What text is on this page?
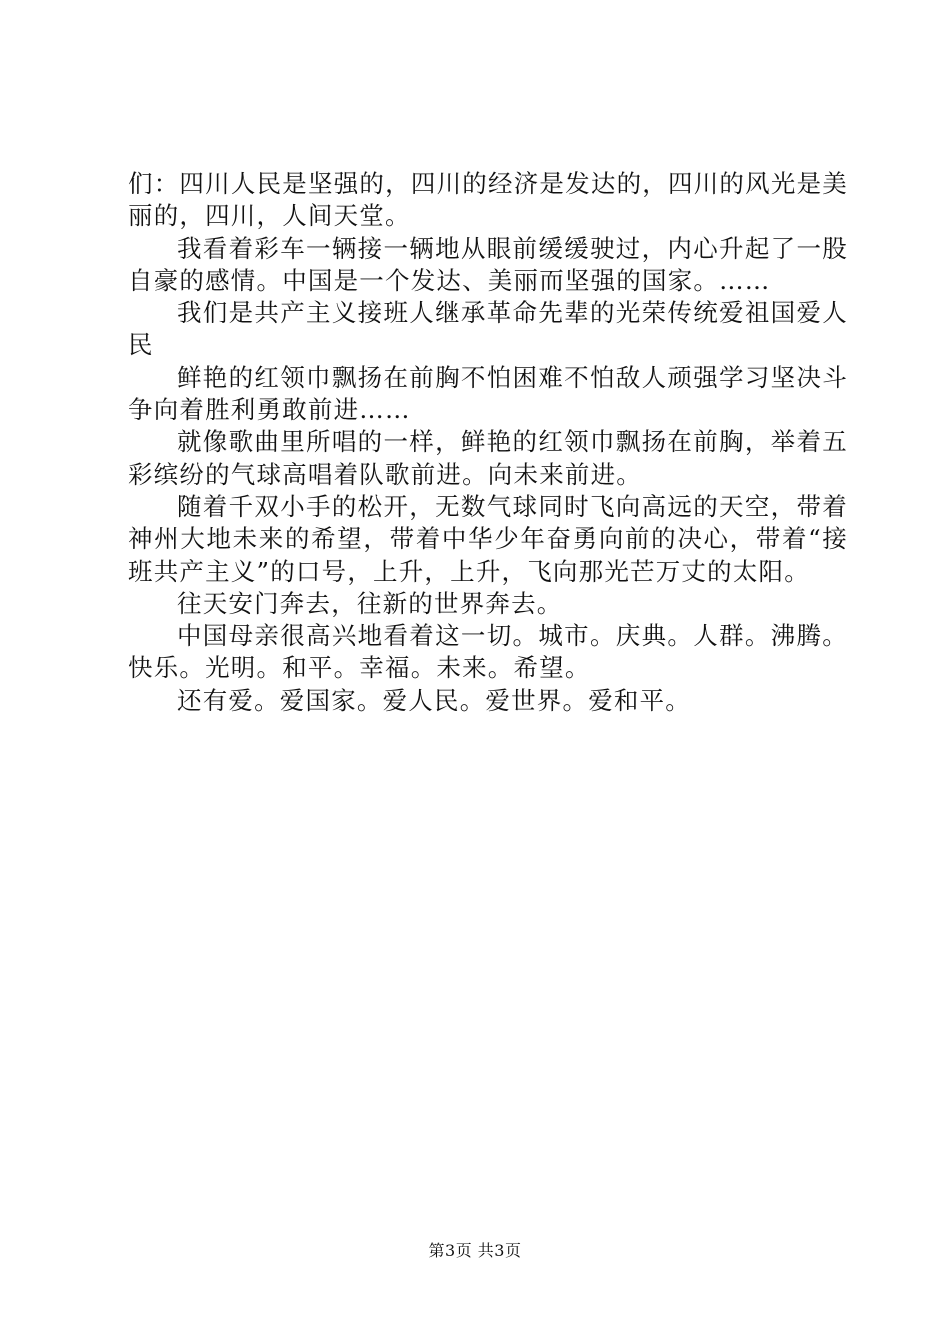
们：四川人民是坚强的，四川的经济是发达的，四川的风光是美丽的，四川，人间天堂。

我看着彩车一辆接一辆地从眼前缓缓驶过，内心升起了一股自豪的感情。中国是一个发达、美丽而坚强的国家。……

我们是共产主义接班人继承革命先辈的光荣传统爱祖国爱人民

鲜艳的红领巾飘扬在前胸不怕困难不怕敌人顽强学习坚决斗争向着胜利勇敢前进……

就像歌曲里所唱的一样，鲜艳的红领巾飘扬在前胸，举着五彩缤纷的气球高唱着队歌前进。向未来前进。

随着千双小手的松开，无数气球同时飞向高远的天空，带着神州大地未来的希望，带着中华少年奋勇向前的决心，带着“接班共产主义”的口号，上升，上升，飞向那光芒万丈的太阳。

往天安门奔去，往新的世界奔去。

中国母亲很高兴地看着这一切。城市。庆典。人群。沸腾。快乐。光明。和平。幸福。未来。希望。

还有爱。爱国家。爱人民。爱世界。爱和平。

第3页 共3页
